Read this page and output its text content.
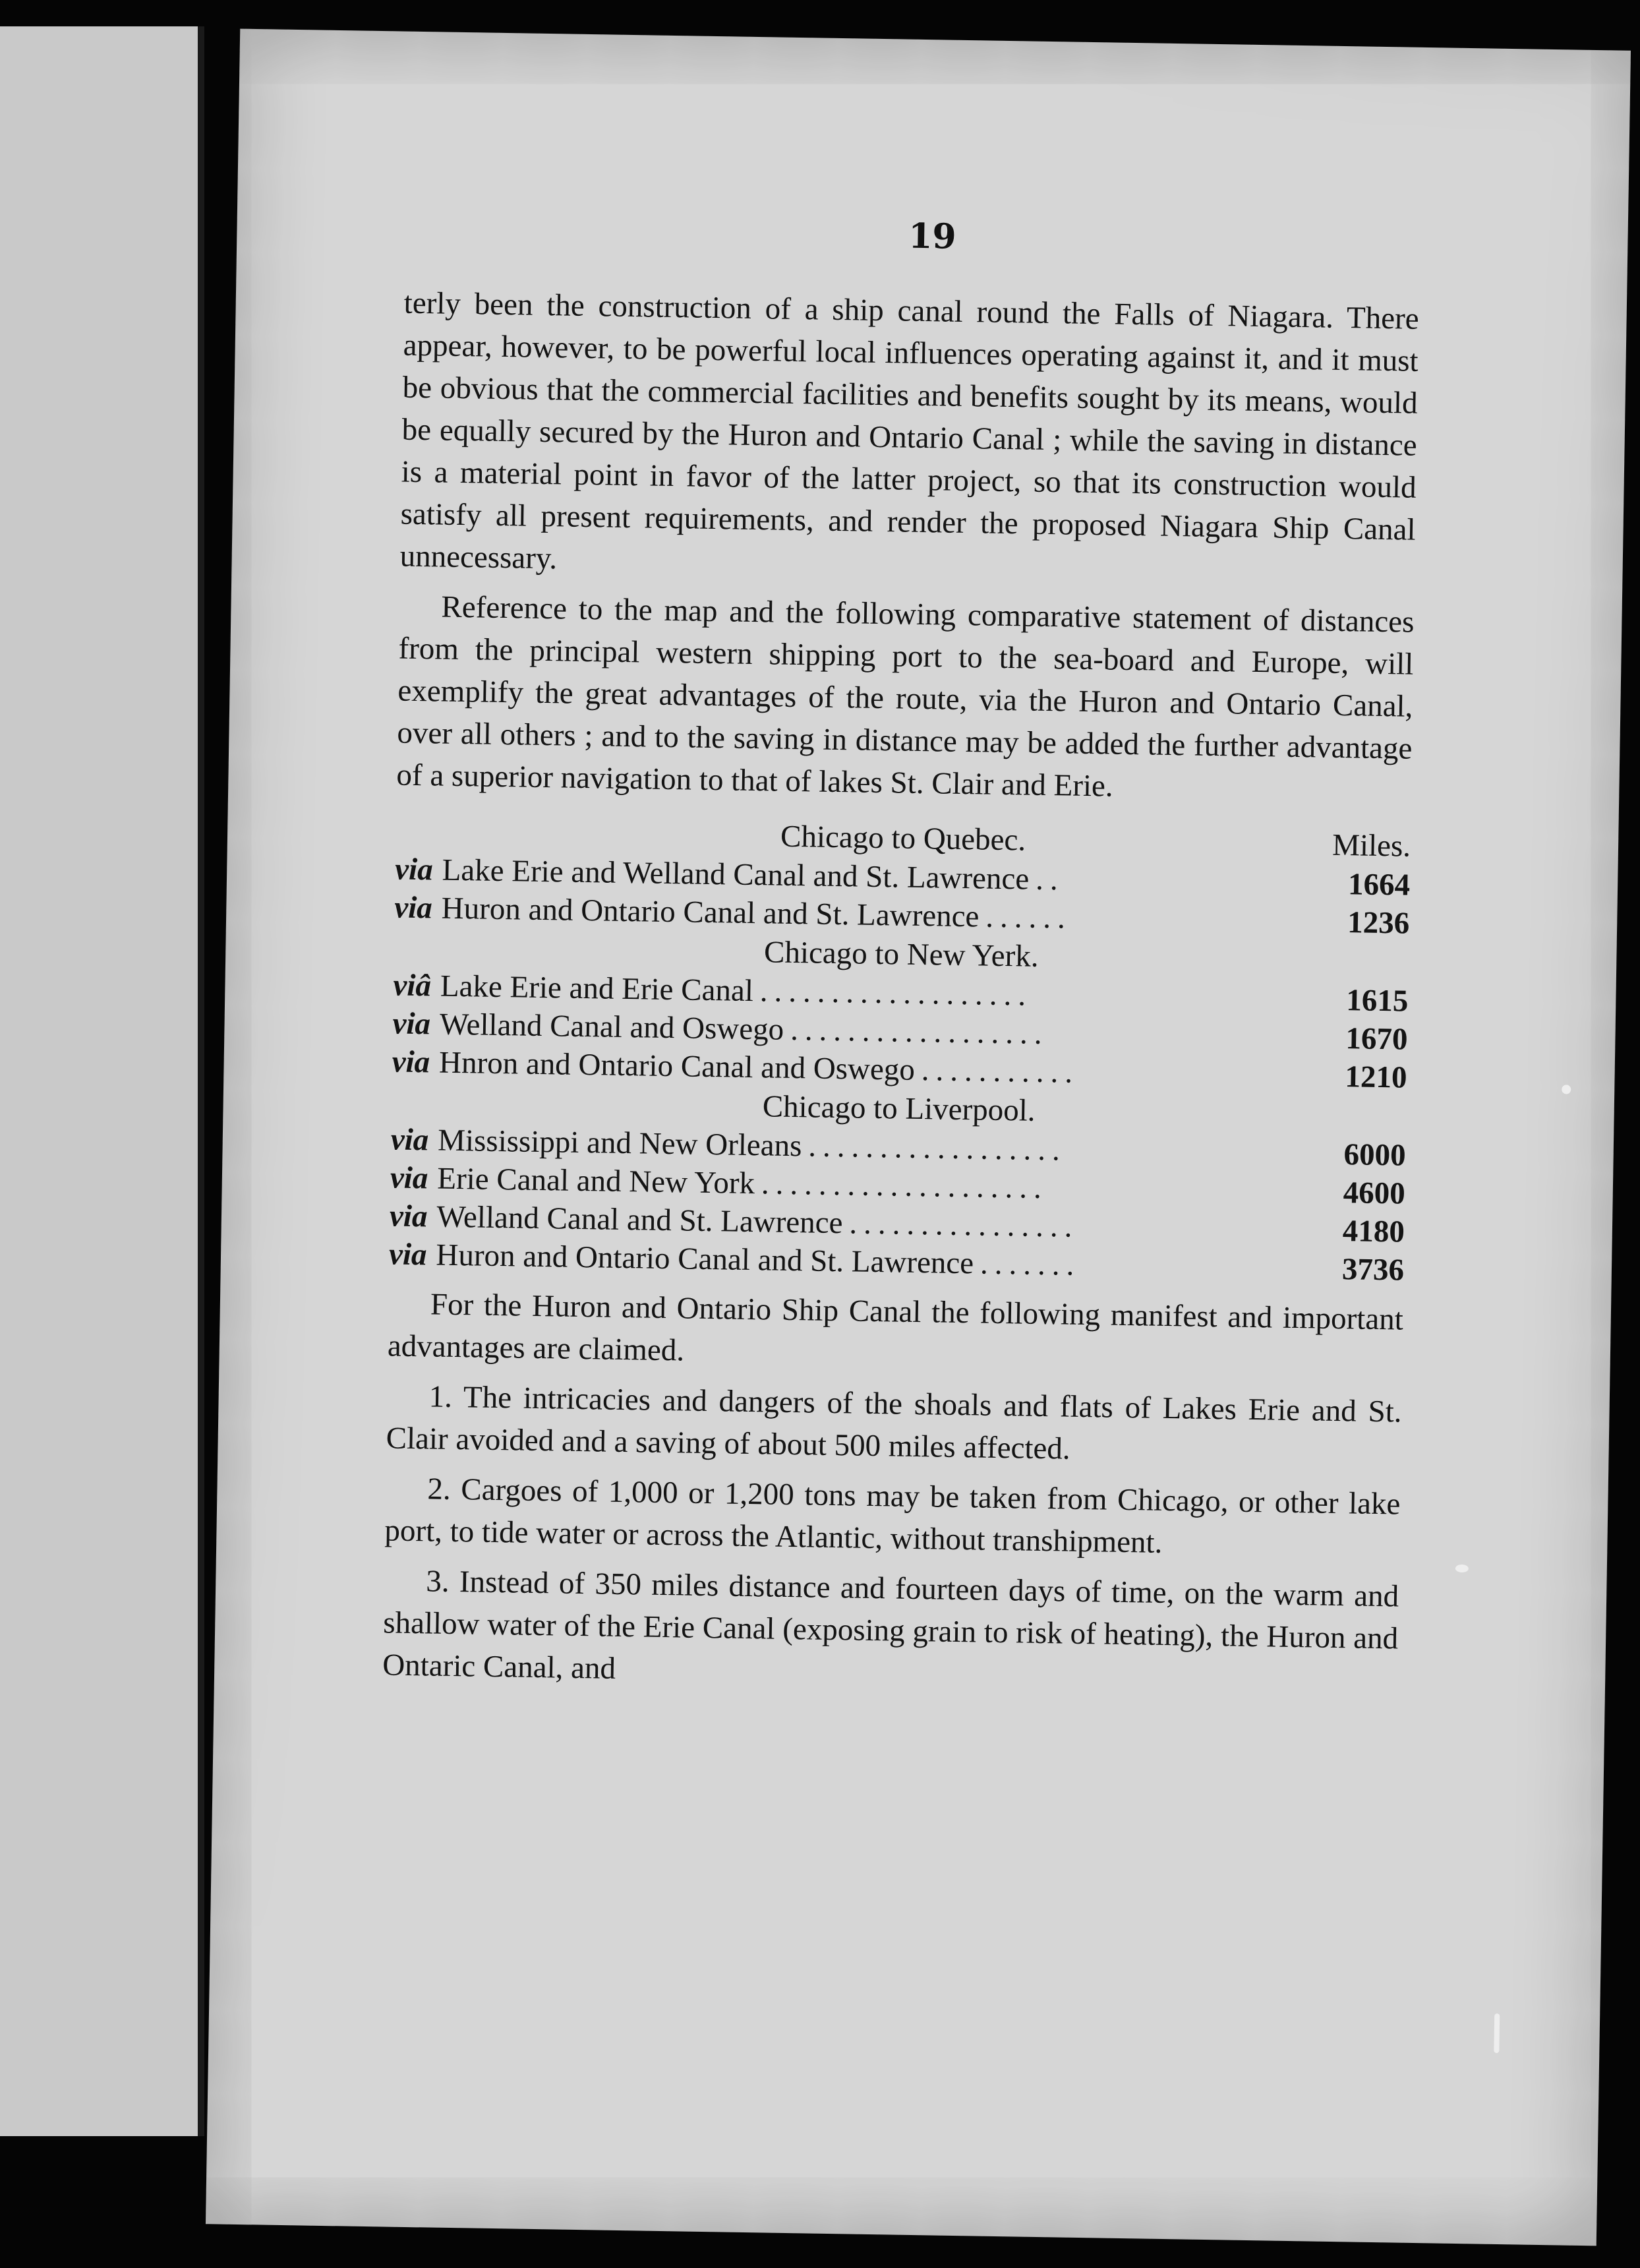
19

terly been the construction of a ship canal round the Falls of Niagara. There appear, however, to be powerful local influences operating against it, and it must be obvious that the commercial facilities and benefits sought by its means, would be equally secured by the Huron and Ontario Canal ; while the saving in distance is a material point in favor of the latter project, so that its construction would satisfy all present requirements, and render the proposed Niagara Ship Canal unnecessary.

Reference to the map and the following comparative statement of distances from the principal western shipping port to the sea-board and Europe, will exemplify the great advantages of the route, via the Huron and Ontario Canal, over all others ; and to the saving in distance may be added the further advantage of a superior navigation to that of lakes St. Clair and Erie.

Chicago to Quebec.	Miles.
via Lake Erie and Welland Canal and St. Lawrence ..	1664
via Huron and Ontario Canal and St. Lawrence ......	1236
Chicago to New Yerk.
viâ Lake Erie and Erie Canal ...................	1615
via Welland Canal and Oswego ..................	1670
via Hnron and Ontario Canal and Oswego ...........	1210
Chicago to Liverpool.
via Mississippi and New Orleans ..................	6000
via Erie Canal and New York ....................	4600
via Welland Canal and St. Lawrence ................	4180
via Huron and Ontario Canal and St. Lawrence .......	3736

For the Huron and Ontario Ship Canal the following manifest and important advantages are claimed.

1. The intricacies and dangers of the shoals and flats of Lakes Erie and St. Clair avoided and a saving of about 500 miles affected.

2. Cargoes of 1,000 or 1,200 tons may be taken from Chicago, or other lake port, to tide water or across the Atlantic, without transhipment.

3. Instead of 350 miles distance and fourteen days of time, on the warm and shallow water of the Erie Canal (exposing grain to risk of heating), the Huron and Ontaric Canal, and
